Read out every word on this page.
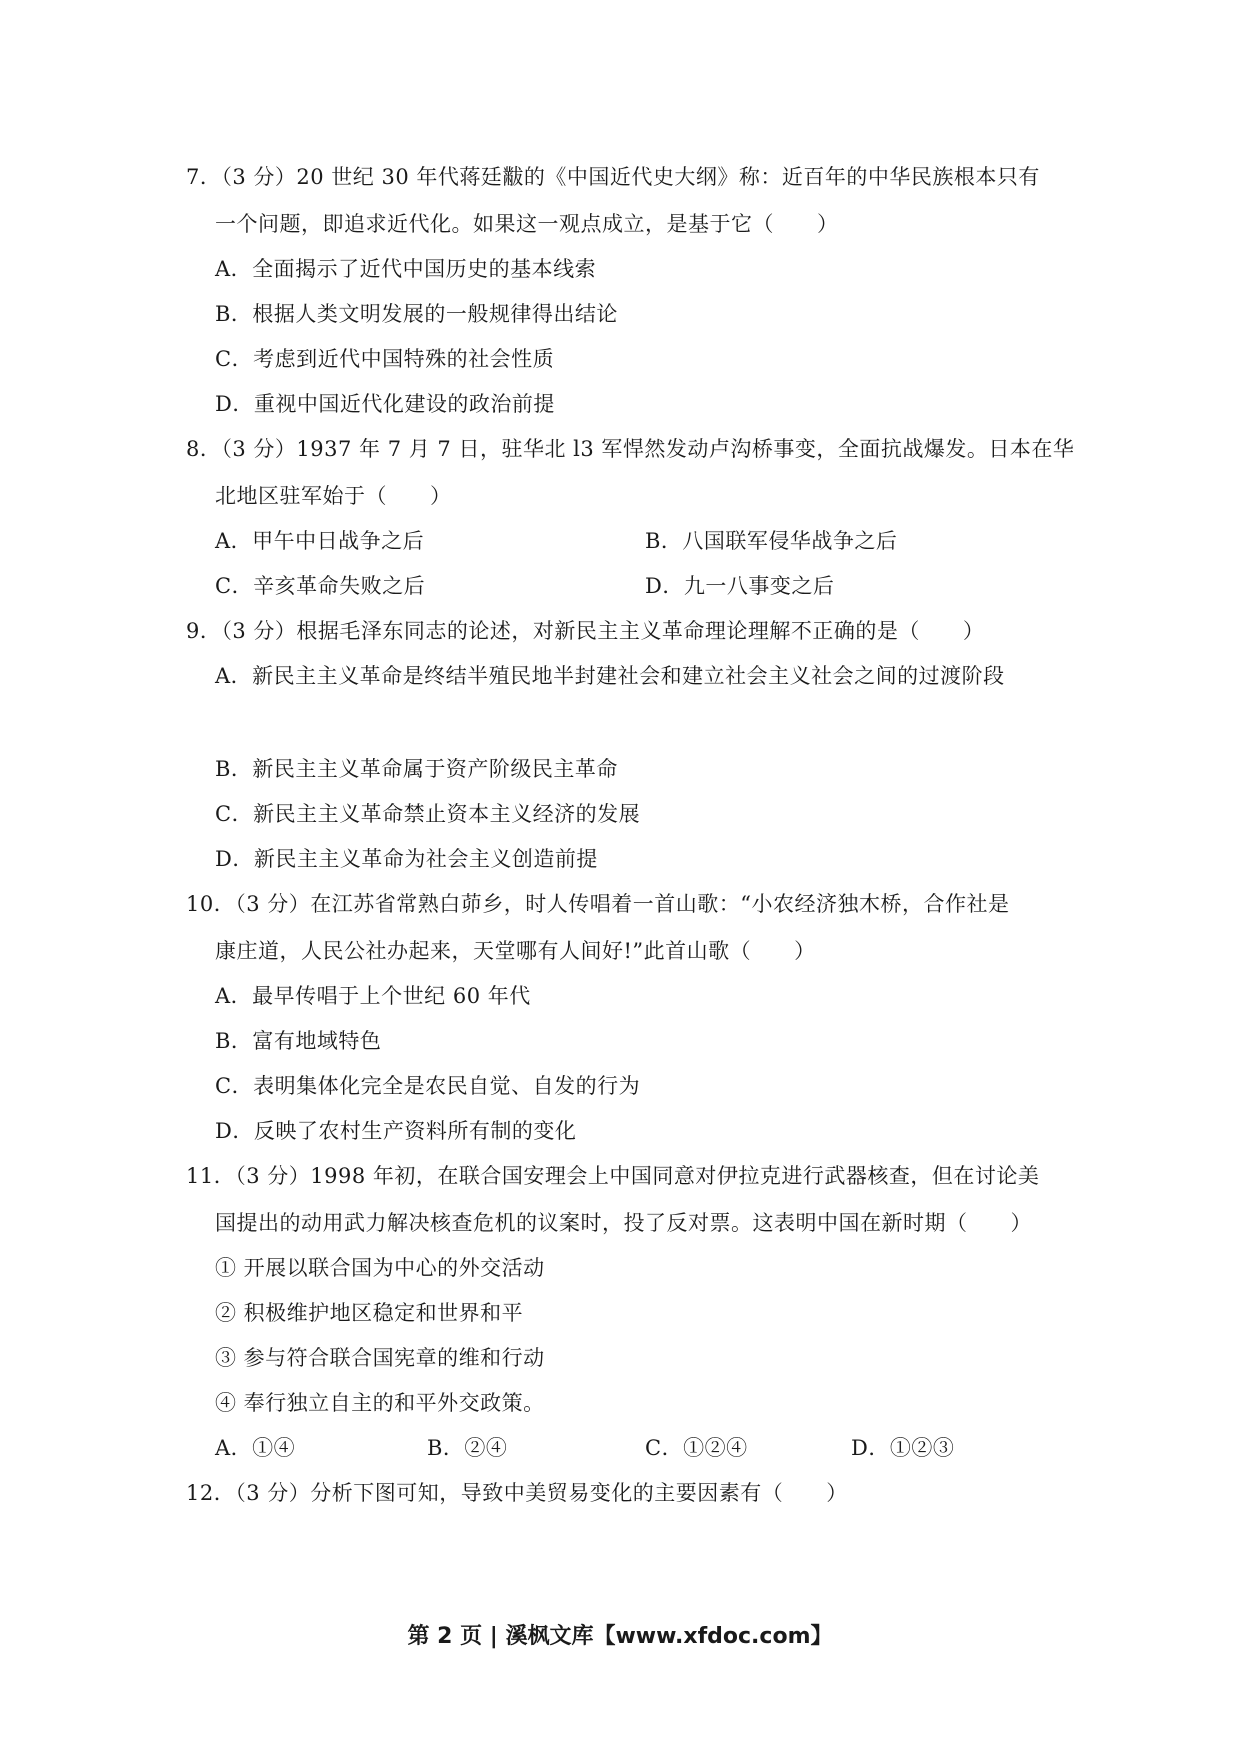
7．（3 分）20 世纪 30 年代蒋廷黻的《中国近代史大纲》称：近百年的中华民族根本只有
一个问题，即追求近代化。如果这一观点成立，是基于它（　　）
A．全面揭示了近代中国历史的基本线索
B．根据人类文明发展的一般规律得出结论
C．考虑到近代中国特殊的社会性质
D．重视中国近代化建设的政治前提
8．（3 分）1937 年 7 月 7 日，驻华北 l3 军悍然发动卢沟桥事变，全面抗战爆发。日本在华
北地区驻军始于（　　）
A．甲午中日战争之后	B．八国联军侵华战争之后
C．辛亥革命失败之后	D．九一八事变之后
9．（3 分）根据毛泽东同志的论述，对新民主主义革命理论理解不正确的是（　　）
A．新民主主义革命是终结半殖民地半封建社会和建立社会主义社会之间的过渡阶段
B．新民主主义革命属于资产阶级民主革命
C．新民主主义革命禁止资本主义经济的发展
D．新民主主义革命为社会主义创造前提
10．（3 分）在江苏省常熟白茆乡，时人传唱着一首山歌：“小农经济独木桥，合作社是
康庄道，人民公社办起来，天堂哪有人间好!”此首山歌（　　）
A．最早传唱于上个世纪 60 年代
B．富有地域特色
C．表明集体化完全是农民自觉、自发的行为
D．反映了农村生产资料所有制的变化
11．（3 分）1998 年初，在联合国安理会上中国同意对伊拉克进行武器核查，但在讨论美
国提出的动用武力解决核查危机的议案时，投了反对票。这表明中国在新时期（　　）
① 开展以联合国为中心的外交活动
② 积极维护地区稳定和世界和平
③ 参与符合联合国宪章的维和行动
④ 奉行独立自主的和平外交政策。
A．①④	B．②④	C．①②④	D．①②③
12．（3 分）分析下图可知，导致中美贸易变化的主要因素有（　　）
第 2 页 | 溪枫文库【www.xfdoc.com】
